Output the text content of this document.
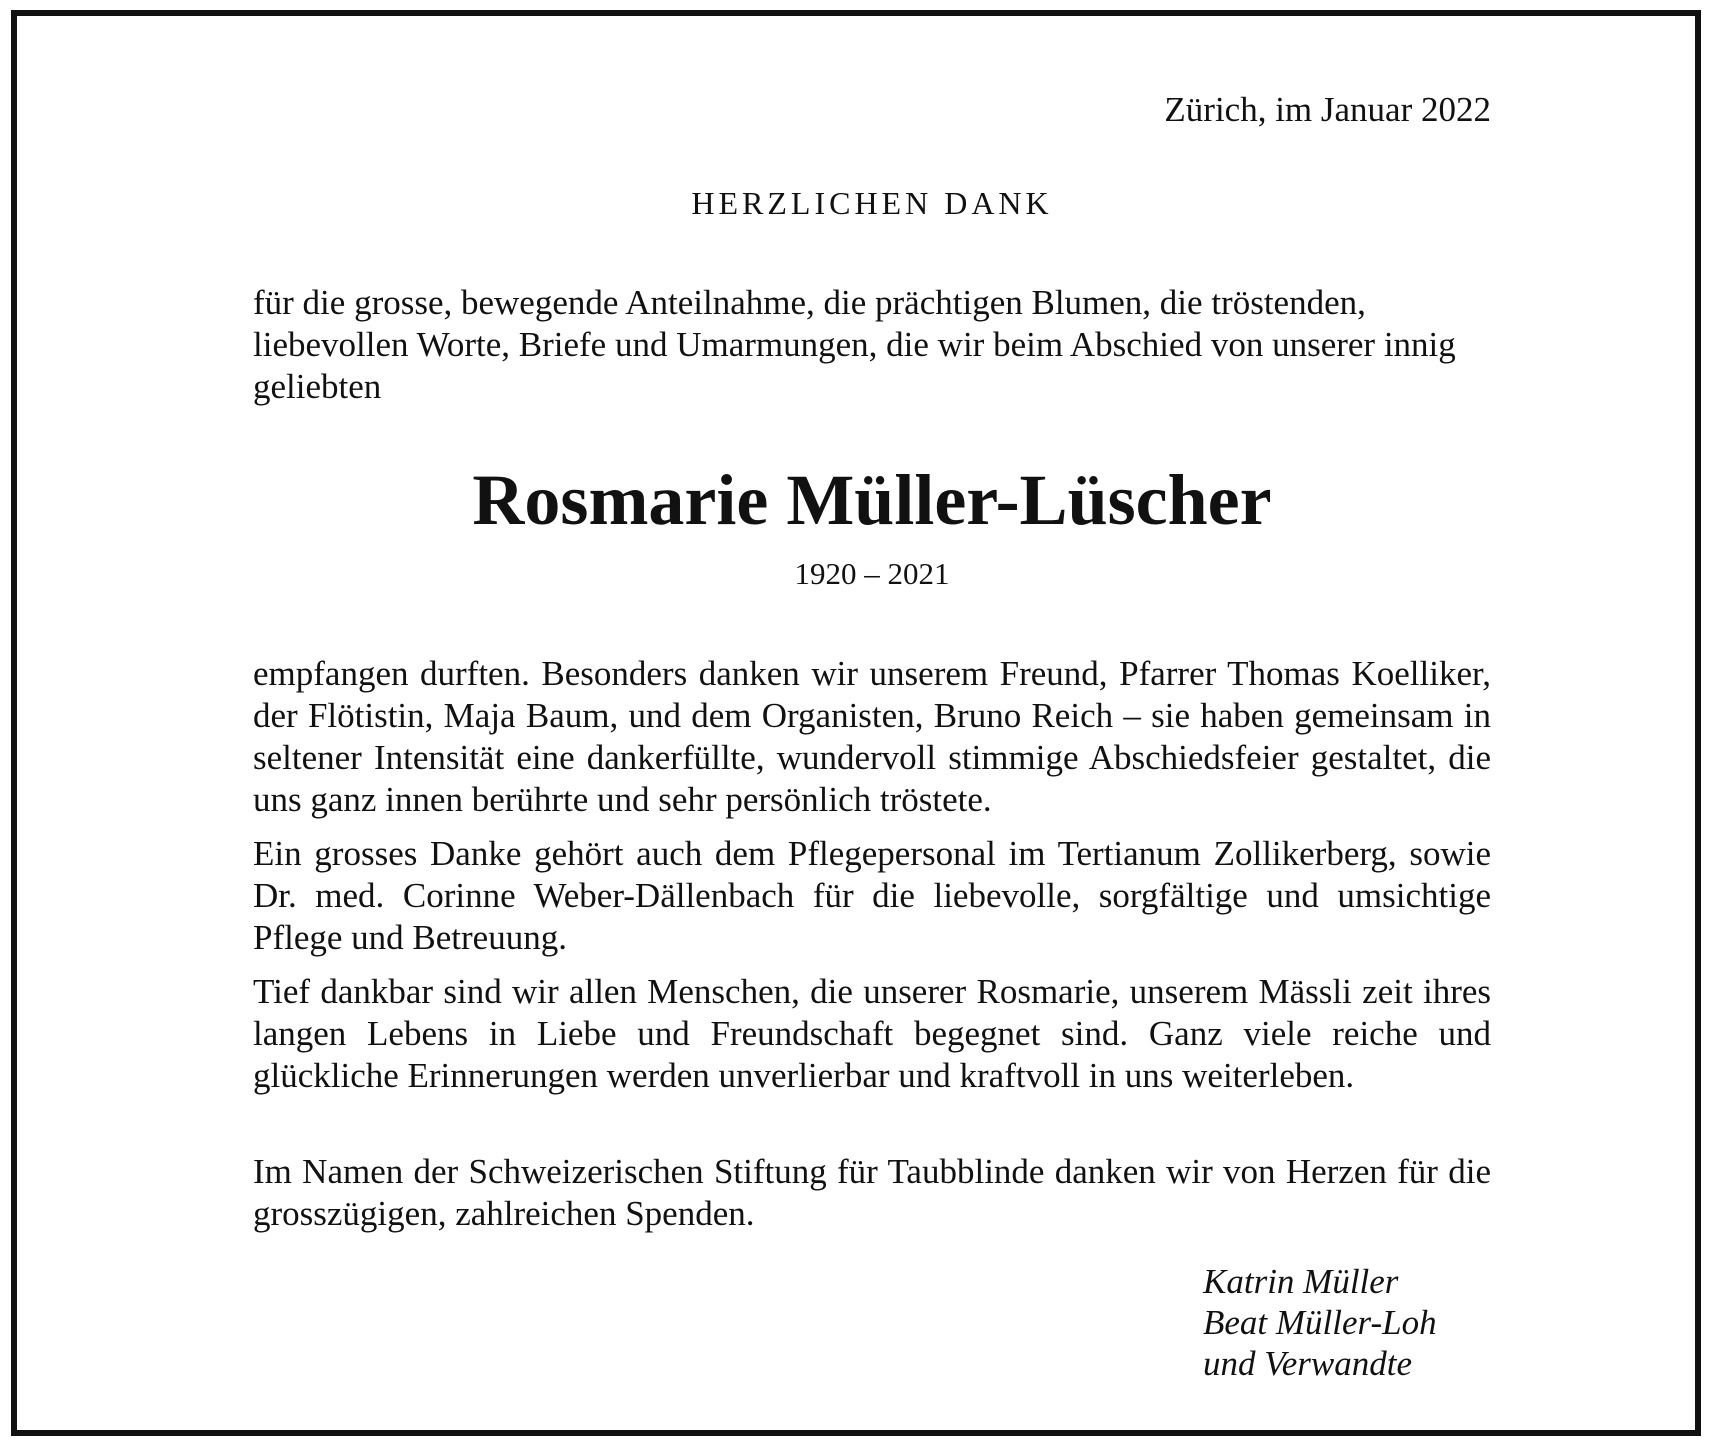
Zürich, im Januar 2022
HERZLICHEN DANK

für die grosse, bewegende Anteilnahme, die prächtigen Blumen, die tröstenden, liebevollen Worte, Briefe und Umarmungen, die wir beim Abschied von unserer innig geliebten

Rosmarie Müller-Lüscher
1920 – 2021

empfangen durften. Besonders danken wir unserem Freund, Pfarrer Thomas Koelliker, der Flötistin, Maja Baum, und dem Organisten, Bruno Reich – sie haben gemeinsam in seltener Intensität eine dankerfüllte, wundervoll stimmige Abschiedsfeier gestaltet, die uns ganz innen berührte und sehr persönlich tröstete.

Ein grosses Danke gehört auch dem Pflegepersonal im Tertianum Zollikerberg, sowie Dr. med. Corinne Weber-Dällenbach für die liebevolle, sorgfältige und umsichtige Pflege und Betreuung.

Tief dankbar sind wir allen Menschen, die unserer Rosmarie, unserem Mässli zeit ihres langen Lebens in Liebe und Freundschaft begegnet sind. Ganz viele reiche und glückliche Erinnerungen werden unverlierbar und kraftvoll in uns weiterleben.

Im Namen der Schweizerischen Stiftung für Taubblinde danken wir von Herzen für die grosszügigen, zahlreichen Spenden.

Katrin Müller
Beat Müller-Loh
und Verwandte
